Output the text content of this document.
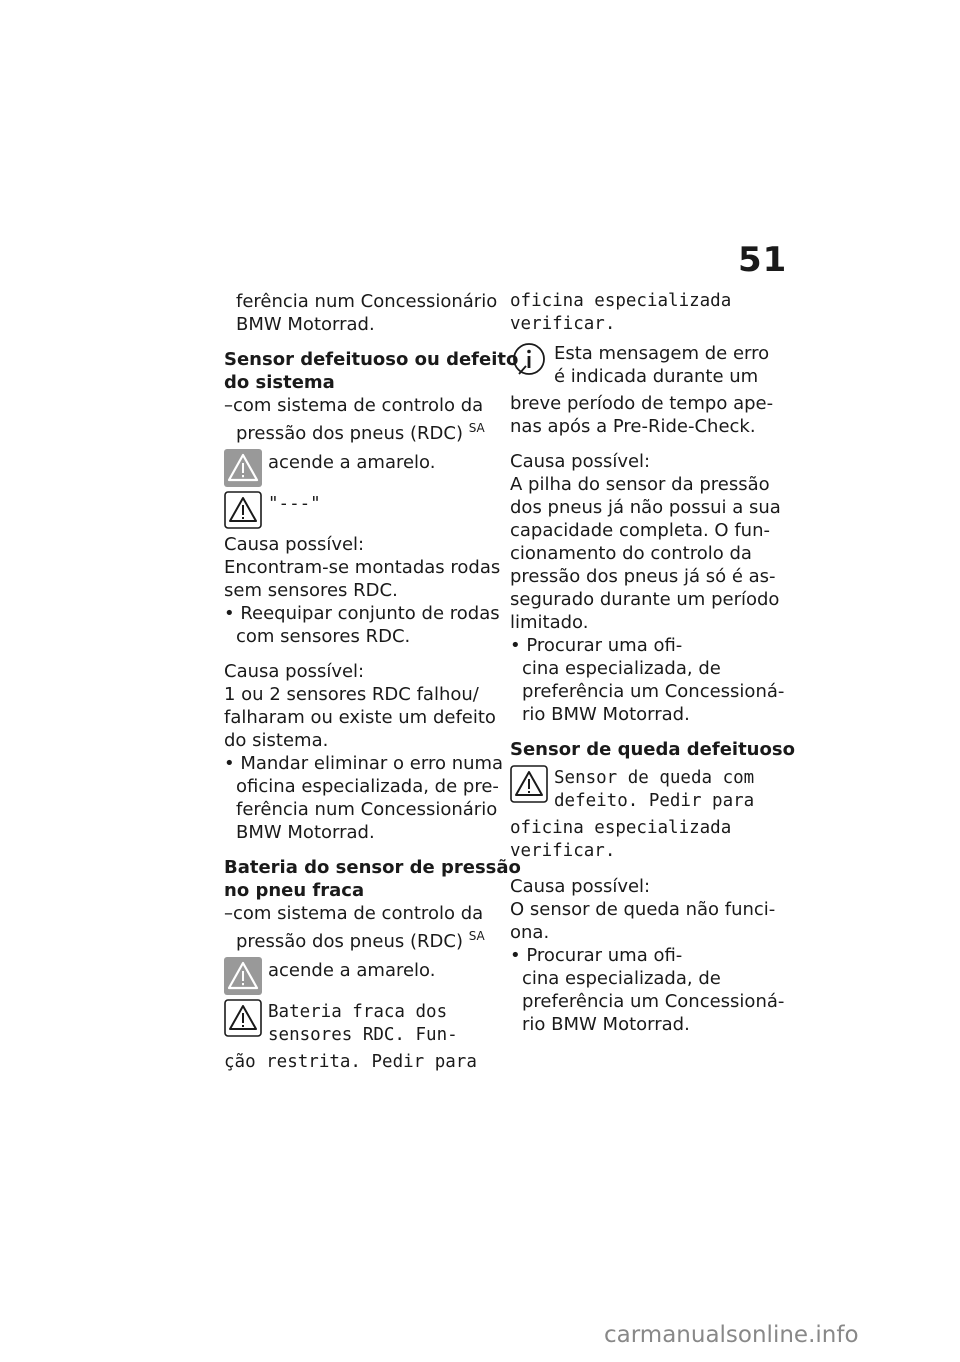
51
ferência num Concessionário
BMW Motorrad.
Sensor defeituoso ou defeito
do sistema
–com sistema de controlo da
pressão dos pneus (RDC) $^{SA}$
acende a amarelo.
"---"
Causa possível:
Encontram-se montadas rodas
sem sensores RDC.
• Reequipar conjunto de rodas
com sensores RDC.
Causa possível:
1 ou 2 sensores RDC falhou/
falharam ou existe um defeito
do sistema.
• Mandar eliminar o erro numa
oficina especializada, de pre-
ferência num Concessionário
BMW Motorrad.
Bateria do sensor de pressão
no pneu fraca
–com sistema de controlo da
pressão dos pneus (RDC) $^{SA}$
acende a amarelo.
Bateria fraca dos
sensores RDC. Fun-
ção restrita. Pedir para
oficina especializada
verificar.
Esta mensagem de erro
é indicada durante um
breve período de tempo ape-
nas após a Pre-Ride-Check.
Causa possível:
A pilha do sensor da pressão
dos pneus já não possui a sua
capacidade completa. O fun-
cionamento do controlo da
pressão dos pneus já só é as-
segurado durante um período
limitado.
• Procurar uma ofi-
cina especializada, de
preferência um Concessioná-
rio BMW Motorrad.
Sensor de queda defeituoso
Sensor de queda com
defeito. Pedir para
oficina especializada
verificar.
Causa possível:
O sensor de queda não funci-
ona.
• Procurar uma ofi-
cina especializada, de
preferência um Concessioná-
rio BMW Motorrad.
carmanualsonline.info
